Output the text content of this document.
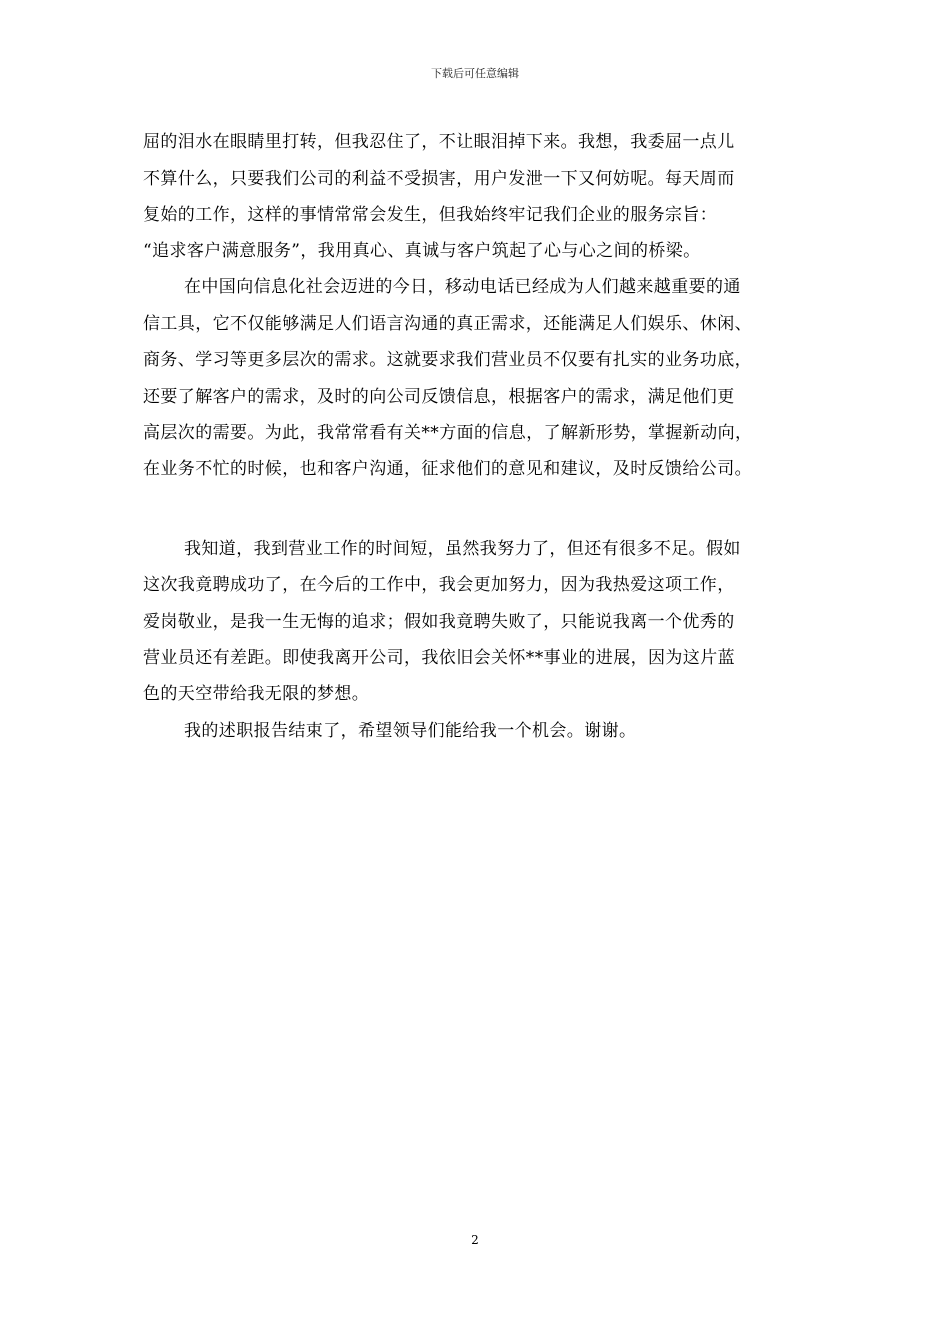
下载后可任意编辑
屈的泪水在眼睛里打转，但我忍住了，不让眼泪掉下来。我想，我委屈一点儿
不算什么，只要我们公司的利益不受损害，用户发泄一下又何妨呢。每天周而
复始的工作，这样的事情常常会发生，但我始终牢记我们企业的服务宗旨：
“追求客户满意服务”，我用真心、真诚与客户筑起了心与心之间的桥梁。
在中国向信息化社会迈进的今日，移动电话已经成为人们越来越重要的通
信工具，它不仅能够满足人们语言沟通的真正需求，还能满足人们娱乐、休闲、
商务、学习等更多层次的需求。这就要求我们营业员不仅要有扎实的业务功底，
还要了解客户的需求，及时的向公司反馈信息，根据客户的需求，满足他们更
高层次的需要。为此，我常常看有关**方面的信息，了解新形势，掌握新动向，
在业务不忙的时候，也和客户沟通，征求他们的意见和建议，及时反馈给公司。
我知道，我到营业工作的时间短，虽然我努力了，但还有很多不足。假如
这次我竟聘成功了，在今后的工作中，我会更加努力，因为我热爱这项工作，
爱岗敬业，是我一生无悔的追求；假如我竟聘失败了，只能说我离一个优秀的
营业员还有差距。即使我离开公司，我依旧会关怀**事业的进展，因为这片蓝
色的天空带给我无限的梦想。
我的述职报告结束了，希望领导们能给我一个机会。谢谢。
2
